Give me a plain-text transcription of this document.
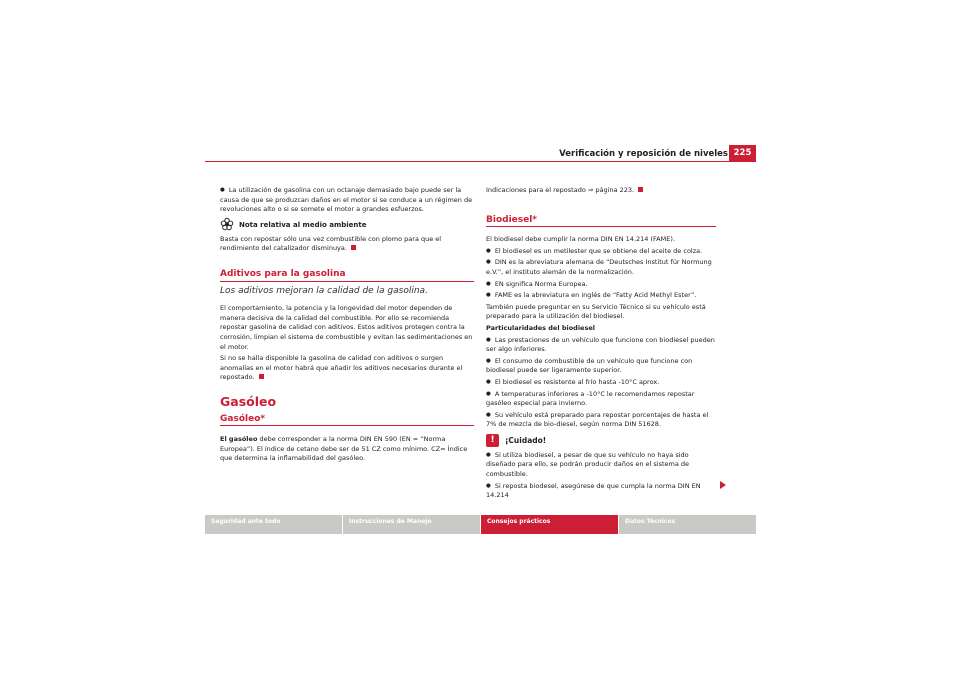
Verificación y reposición de niveles 225

● La utilización de gasolina con un octanaje demasiado bajo puede ser la causa de que se produzcan daños en el motor si se conduce a un régimen de revoluciones alto o si se somete el motor a grandes esfuerzos.

Nota relativa al medio ambiente

Basta con repostar sólo una vez combustible con plomo para que el rendimiento del catalizador disminuya.

Aditivos para la gasolina
Los aditivos mejoran la calidad de la gasolina.

El comportamiento, la potencia y la longevidad del motor dependen de manera decisiva de la calidad del combustible. Por ello se recomienda repostar gasolina de calidad con aditivos. Estos aditivos protegen contra la corrosión, limpian el sistema de combustible y evitan las sedimentaciones en el motor.

Si no se halla disponible la gasolina de calidad con aditivos o surgen anomalías en el motor habrá que añadir los aditivos necesarios durante el repostado.

Gasóleo
Gasóleo*

El gasóleo debe corresponder a la norma DIN EN 590 (EN = “Norma Europea”). El índice de cetano debe ser de 51 CZ como mínimo. CZ= Índice que determina la inflamabilidad del gasóleo.

Indicaciones para el repostado ⇒ página 223.

Biodiesel*

El biodiesel debe cumplir la norma DIN EN 14.214 (FAME).

● El biodiesel es un metilester que se obtiene del aceite de colza.

● DIN es la abreviatura alemana de “Deutsches Institut für Normung e.V.”, el instituto alemán de la normalización.

● EN significa Norma Europea.

● FAME es la abreviatura en inglés de “Fatty Acid Methyl Ester”.

También puede preguntar en su Servicio Técnico si su vehículo está preparado para la utilización del biodiesel.

Particularidades del biodiesel

● Las prestaciones de un vehículo que funcione con biodiesel pueden ser algo inferiores.

● El consumo de combustible de un vehículo que funcione con biodiesel puede ser ligeramente superior.

● El biodiesel es resistente al frío hasta -10°C aprox.

● A temperaturas inferiores a -10°C le recomendamos repostar gasóleo especial para invierno.

● Su vehículo está preparado para repostar porcentajes de hasta el 7% de mezcla de bio-diesel, según norma DIN 51628.

!	¡Cuidado!

● Si utiliza biodiesel, a pesar de que su vehículo no haya sido diseñado para ello, se podrán producir daños en el sistema de combustible.

● Si reposta biodesel, asegúrese de que cumpla la norma DIN EN 14.214

Seguridad ante todo	Instrucciones de Manejo	Consejos prácticos	Datos Técnicos
